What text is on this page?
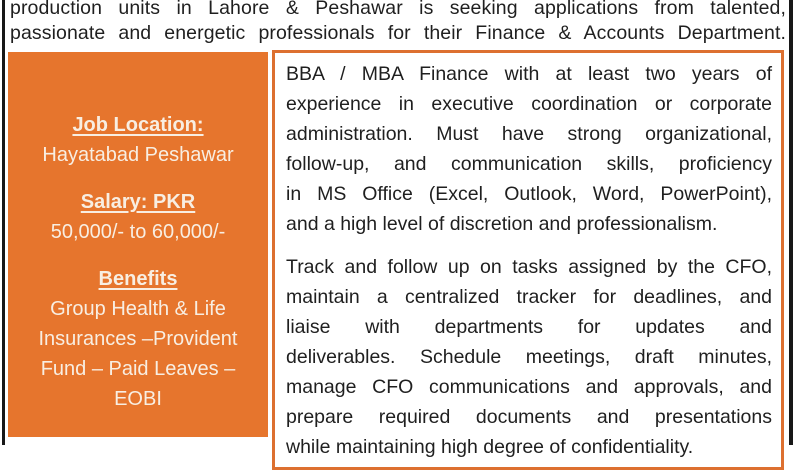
production units in Lahore & Peshawar is seeking applications from talented,
passionate and energetic professionals for their Finance & Accounts Department.
Job Location:
Hayatabad Peshawar
Salary: PKR
50,000/- to 60,000/-
Benefits
Group Health & Life
Insurances –Provident
Fund – Paid Leaves –
EOBI
BBA / MBA Finance with at least two years of
experience in executive coordination or corporate
administration. Must have strong organizational,
follow-up, and communication skills, proficiency
in MS Office (Excel, Outlook, Word, PowerPoint),
and a high level of discretion and professionalism.
Track and follow up on tasks assigned by the CFO,
maintain a centralized tracker for deadlines, and
liaise with departments for updates and
deliverables. Schedule meetings, draft minutes,
manage CFO communications and approvals, and
prepare required documents and presentations
while maintaining high degree of confidentiality.
